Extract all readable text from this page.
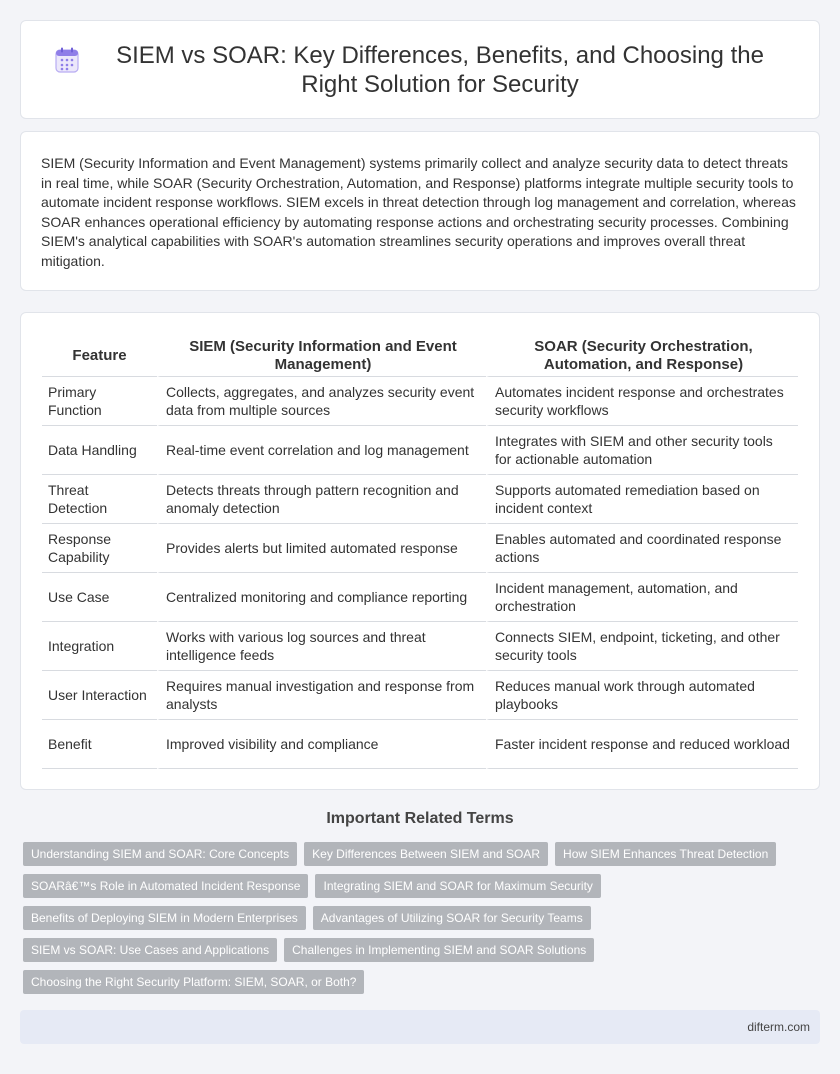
SIEM vs SOAR: Key Differences, Benefits, and Choosing the Right Solution for Security

SIEM (Security Information and Event Management) systems primarily collect and analyze security data to detect threats in real time, while SOAR (Security Orchestration, Automation, and Response) platforms integrate multiple security tools to automate incident response workflows. SIEM excels in threat detection through log management and correlation, whereas SOAR enhances operational efficiency by automating response actions and orchestrating security processes. Combining SIEM's analytical capabilities with SOAR's automation streamlines security operations and improves overall threat mitigation.

Feature	SIEM (Security Information and Event Management)	SOAR (Security Orchestration, Automation, and Response)
Primary Function	Collects, aggregates, and analyzes security event data from multiple sources	Automates incident response and orchestrates security workflows
Data Handling	Real-time event correlation and log management	Integrates with SIEM and other security tools for actionable automation
Threat Detection	Detects threats through pattern recognition and anomaly detection	Supports automated remediation based on incident context
Response Capability	Provides alerts but limited automated response	Enables automated and coordinated response actions
Use Case	Centralized monitoring and compliance reporting	Incident management, automation, and orchestration
Integration	Works with various log sources and threat intelligence feeds	Connects SIEM, endpoint, ticketing, and other security tools
User Interaction	Requires manual investigation and response from analysts	Reduces manual work through automated playbooks
Benefit	Improved visibility and compliance	Faster incident response and reduced workload
Important Related Terms
Understanding SIEM and SOAR: Core Concepts	Key Differences Between SIEM and SOAR	How SIEM Enhances Threat Detection
SOARâ€™s Role in Automated Incident Response	Integrating SIEM and SOAR for Maximum Security
Benefits of Deploying SIEM in Modern Enterprises	Advantages of Utilizing SOAR for Security Teams
SIEM vs SOAR: Use Cases and Applications	Challenges in Implementing SIEM and SOAR Solutions
Choosing the Right Security Platform: SIEM, SOAR, or Both?
difterm.com
